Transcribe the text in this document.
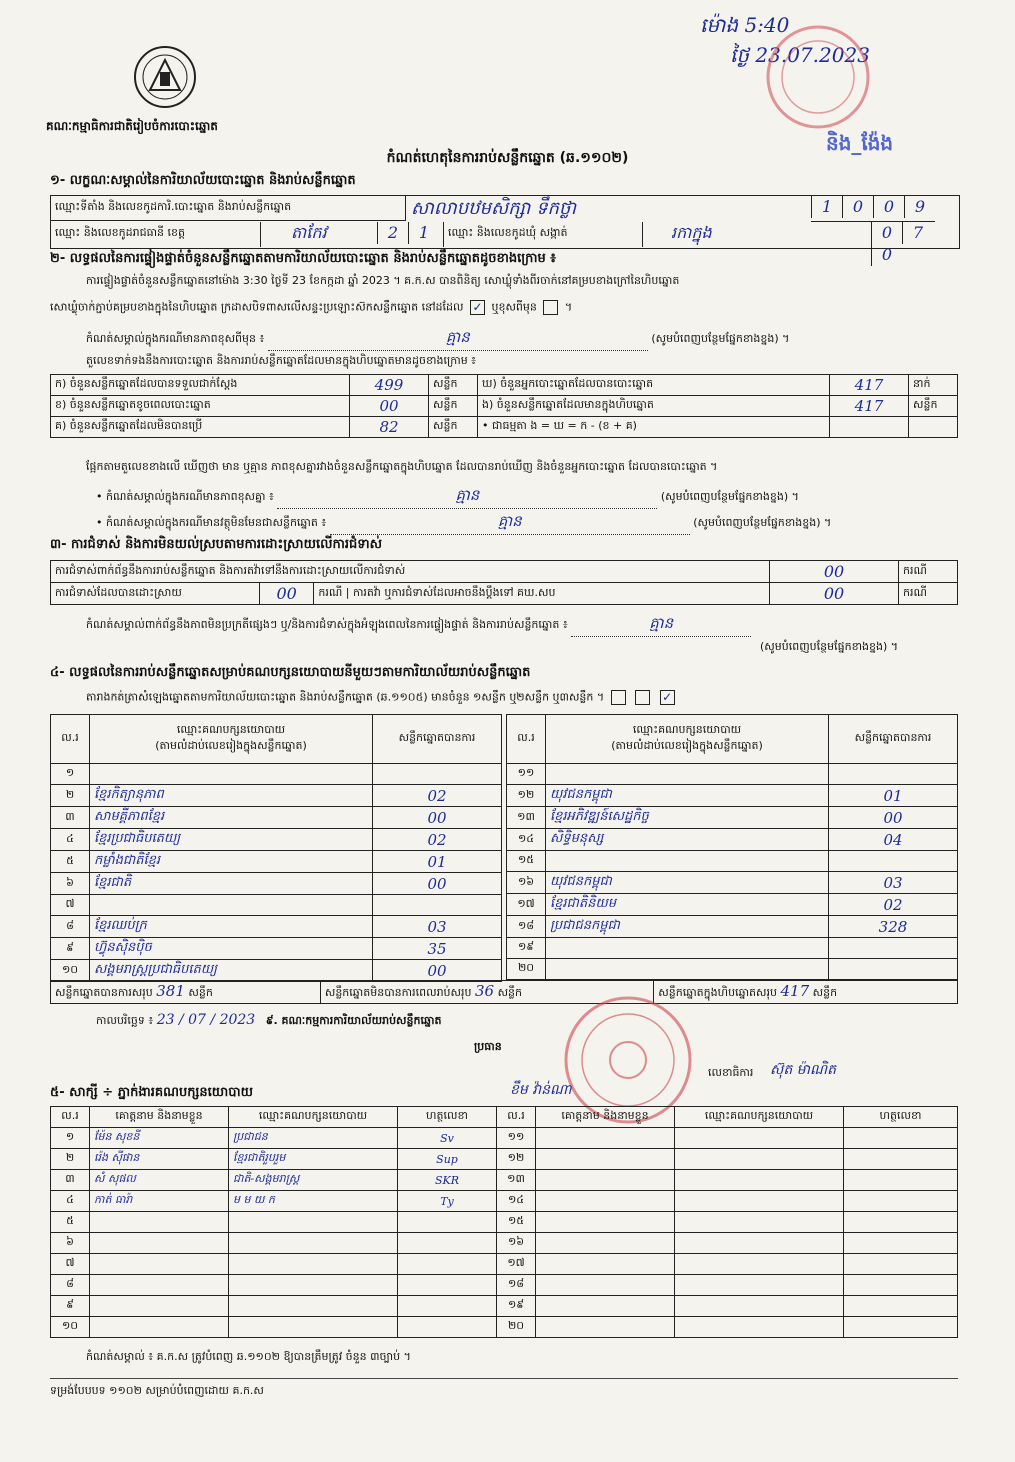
គណៈកម្មាធិការជាតិរៀបចំការបោះឆ្នោត
ម៉ោង 5:40
ថ្ងៃ 23.07.2023
និង_ង៉ែង
កំណត់ហេតុនៃការរាប់សន្លឹកឆ្នោត (ឆ.១១០២)
១- លក្ខណៈសម្គាល់នៃការិយាល័យបោះឆ្នោត និងរាប់សន្លឹកឆ្នោត
ឈ្មោះទីតាំង និងលេខកូដការិ.បោះឆ្នោត និងរាប់សន្លឹកឆ្នោត	សាលាបឋមសិក្សា ទឹកថ្លា	1 0 0 9
ឈ្មោះ និងលេខកូដរាជធានី ខេត្ត	តាកែវ	2 1	ឈ្មោះ និងលេខកូដឃុំ សង្កាត់	រកាក្នុង	0 70
២- លទ្ធផលនៃការផ្ទៀងផ្ទាត់ចំនួនសន្លឹកឆ្នោតតាមការិយាល័យបោះឆ្នោត និងរាប់សន្លឹកឆ្នោតដូចខាងក្រោម ៖
ការផ្ទៀងផ្ទាត់ចំនួនសន្លឹកឆ្នោតនៅម៉ោង 3:30 ថ្ងៃទី 23 ខែកក្កដា ឆ្នាំ 2023 ។ គ.ក.ស បានពិនិត្យ សោឃ្លុំទាំងពីរចាក់នៅគម្របខាងក្រៅនៃហិបឆ្នោត
សោឃ្លុំចាក់ភ្ជាប់គម្របខាងក្នុងនៃហិបឆ្នោត ក្រដាសបិទពាសលើសន្ទះប្រឡោះស៊កសន្លឹកឆ្នោត នៅដដែល ✓ ឬខុសពីមុន  ។
កំណត់សម្គាល់ក្នុងករណីមានភាពខុសពីមុន ៖	គ្មាន	(សូមបំពេញបន្ថែមផ្នែកខាងខ្នង) ។
តួលេខទាក់ទងនឹងការបោះឆ្នោត និងការរាប់សន្លឹកឆ្នោតដែលមានក្នុងហិបឆ្នោតមានដូចខាងក្រោម ៖
ក) ចំនួនសន្លឹកឆ្នោតដែលបានទទួលជាក់ស្ដែង	499	សន្លឹក	ឃ) ចំនួនអ្នកបោះឆ្នោតដែលបានបោះឆ្នោត	417	នាក់
ខ) ចំនួនសន្លឹកឆ្នោតខូចពេលបោះឆ្នោត	00	សន្លឹក	ង) ចំនួនសន្លឹកឆ្នោតដែលមានក្នុងហិបឆ្នោត	417	សន្លឹក
គ) ចំនួនសន្លឹកឆ្នោតដែលមិនបានប្រើ	82	សន្លឹក	• ជាធម្មតា ង = ឃ = ក - (ខ + គ)		
ផ្អែកតាមតួលេខខាងលើ ឃើញថា មាន ឬគ្មាន ភាពខុសគ្នារវាងចំនួនសន្លឹកឆ្នោតក្នុងហិបឆ្នោត ដែលបានរាប់ឃើញ និងចំនួនអ្នកបោះឆ្នោត ដែលបានបោះឆ្នោត ។
• កំណត់សម្គាល់ក្នុងករណីមានភាពខុសគ្នា ៖	គ្មាន	(សូមបំពេញបន្ថែមផ្នែកខាងខ្នង) ។
• កំណត់សម្គាល់ក្នុងករណីមានវត្ថុមិនមែនជាសន្លឹកឆ្នោត ៖	គ្មាន	(សូមបំពេញបន្ថែមផ្នែកខាងខ្នង) ។
៣- ការជំទាស់ និងការមិនយល់ស្របតាមការដោះស្រាយលើការជំទាស់
ការជំទាស់ពាក់ព័ន្ធនឹងការរាប់សន្លឹកឆ្នោត និងការតវ៉ាទៅនឹងការដោះស្រាយលើការជំទាស់			00	ករណី
ការជំទាស់ដែលបានដោះស្រាយ	00	ករណី | ការតវ៉ា ឬការជំទាស់ដែលអាចនឹងប្ដឹងទៅ គឃ.សប	00	ករណី
កំណត់សម្គាល់ពាក់ព័ន្ធនឹងភាពមិនប្រក្រតីផ្សេងៗ ឬ/និងការជំទាស់ក្នុងអំឡុងពេលនៃការផ្ទៀងផ្ទាត់ និងការរាប់សន្លឹកឆ្នោត ៖	គ្មាន
(សូមបំពេញបន្ថែមផ្នែកខាងខ្នង) ។
៤- លទ្ធផលនៃការរាប់សន្លឹកឆ្នោតសម្រាប់គណបក្សនយោបាយនីមួយៗតាមការិយាល័យរាប់សន្លឹកឆ្នោត
តារាងកត់ត្រាសំឡេងឆ្នោតតាមការិយាល័យបោះឆ្នោត និងរាប់សន្លឹកឆ្នោត (ឆ.១១០៥) មានចំនួន ១សន្លឹក ឬ២សន្លឹក ឬ៣សន្លឹក ។	✓
ល.រ	ឈ្មោះគណបក្សនយោបាយ
(តាមលំដាប់លេខរៀងក្នុងសន្លឹកឆ្នោត)	សន្លឹកឆ្នោតបានការ
១		
២	ខ្មែរកិត្យានុភាព	02
៣	សាមគ្គីភាពខ្មែរ	00
៤	ខ្មែរប្រជាធិបតេយ្យ	02
៥	កម្លាំងជាតិខ្មែរ	01
៦	ខ្មែរជាតិ	00
៧		
៨	ខ្មែរឈប់ក្រ	03
៩	ហ៊្វុនស៊ិនប៉ិច	35
១០	សង្គមរាស្ត្រប្រជាធិបតេយ្យ	00
ល.រ	ឈ្មោះគណបក្សនយោបាយ
(តាមលំដាប់លេខរៀងក្នុងសន្លឹកឆ្នោត)	សន្លឹកឆ្នោតបានការ
១១		
១២	យុវជនកម្ពុជា	01
១៣	ខ្មែរអភិវឌ្ឍន៍សេដ្ឋកិច្ច	00
១៤	សិទ្ធិមនុស្ស	04
១៥		
១៦	យុវជនកម្ពុជា	03
១៧	ខ្មែរជាតិនិយម	02
១៨	ប្រជាជនកម្ពុជា	328
១៩		
២០		
សន្លឹកឆ្នោតបានការសរុប 381 សន្លឹក	សន្លឹកឆ្នោតមិនបានការពេលរាប់សរុប 36 សន្លឹក	សន្លឹកឆ្នោតក្នុងហិបឆ្នោតសរុប 417 សន្លឹក
កាលបរិច្ឆេទ ៖ 23 / 07 / 2023 ៩. គណៈកម្មការការិយាល័យរាប់សន្លឹកឆ្នោត
ប្រធាន
ខឹម វ៉ាន់ណា
លេខាធិការ ស៊ុត ម៉ាណិត
៥- សាក្សី ÷ ភ្នាក់ងារគណបក្សនយោបាយ
ល.រ	គោត្តនាម និងនាមខ្លួន	ឈ្មោះគណបក្សនយោបាយ	ហត្ថលេខា	ល.រ	គោត្តនាម និងនាមខ្លួន	ឈ្មោះគណបក្សនយោបាយ	ហត្ថលេខា
១	ម៉ែន សុខនី	ប្រជាជន	Sv	១១			
២	រ៉េង ស៊ីផាន	ខ្មែរជាតិរួបរួម	Sup	១២			
៣	សំ សុផល	ជាតិ-សង្គមរាស្ត្រ	SKR	១៣			
៤	កាត់ ធារ៉ា	ម ម យ ក	Ty	១៤			
៥				១៥			
៦				១៦			
៧				១៧			
៨				១៨			
៩				១៩			
១០				២០			
កំណត់សម្គាល់ ៖ គ.ក.ស ត្រូវបំពេញ ឆ.១១០២ ឱ្យបានត្រឹមត្រូវ ចំនួន ៣ច្បាប់ ។
ទម្រង់បែបបទ ១១០២ សម្រាប់បំពេញដោយ គ.ក.ស
